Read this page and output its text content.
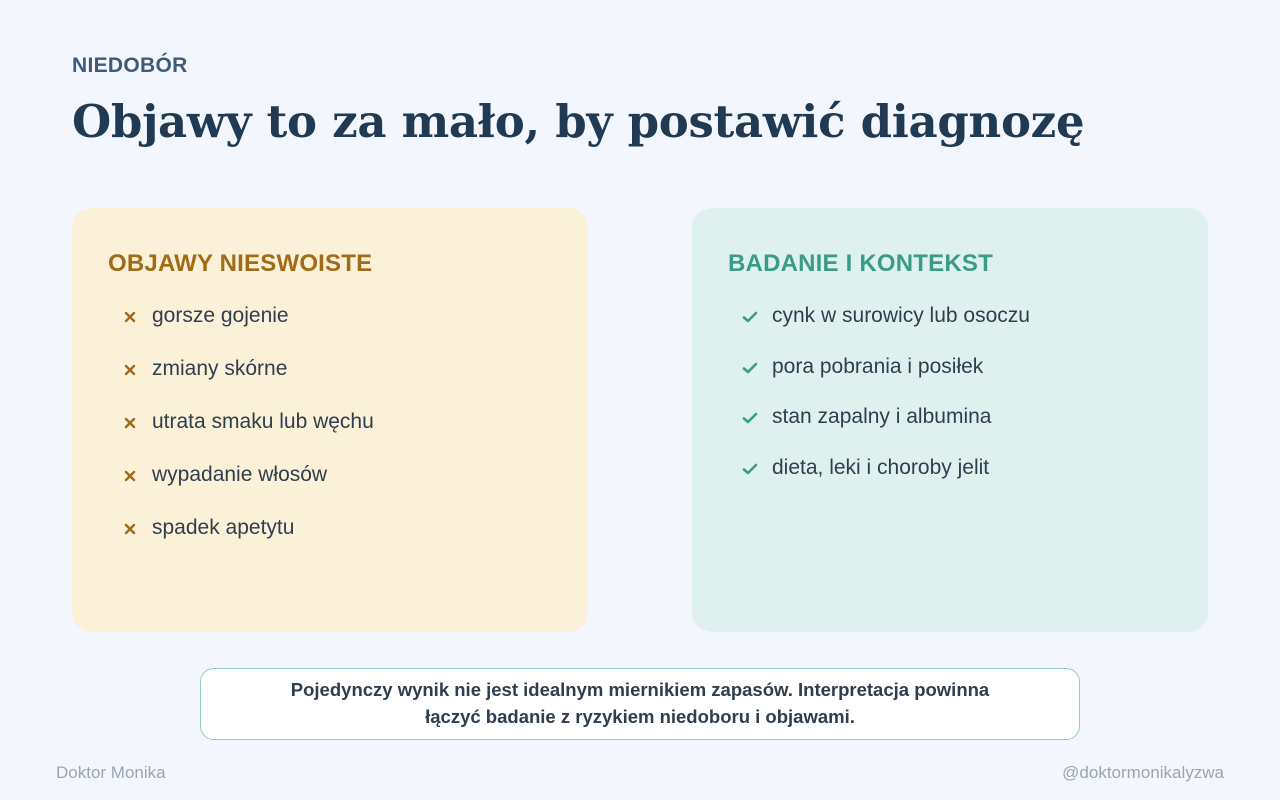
NIEDOBÓR
Objawy to za mało, by postawić diagnozę
OBJAWY NIESWOISTE
gorsze gojenie
zmiany skórne
utrata smaku lub węchu
wypadanie włosów
spadek apetytu
BADANIE I KONTEKST
cynk w surowicy lub osoczu
pora pobrania i posiłek
stan zapalny i albumina
dieta, leki i choroby jelit

Pojedynczy wynik nie jest idealnym miernikiem zapasów. Interpretacja powinna
łączyć badanie z ryzykiem niedoboru i objawami.

Doktor Monika	@doktormonikalyzwa
